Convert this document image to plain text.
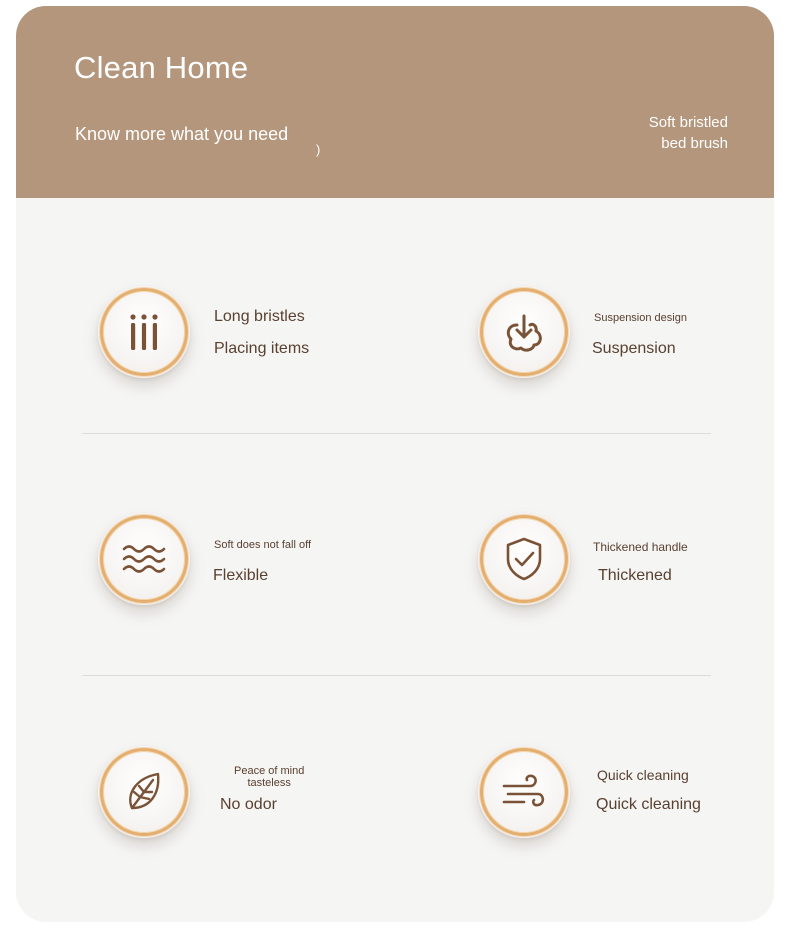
Clean Home
Know more what you need
)
Soft bristled
bed brush
Long bristles
Placing items
Suspension design
Suspension
Soft does not fall off
Flexible
Thickened handle
Thickened
Peace of mind
tasteless
No odor
Quick cleaning
Quick cleaning
